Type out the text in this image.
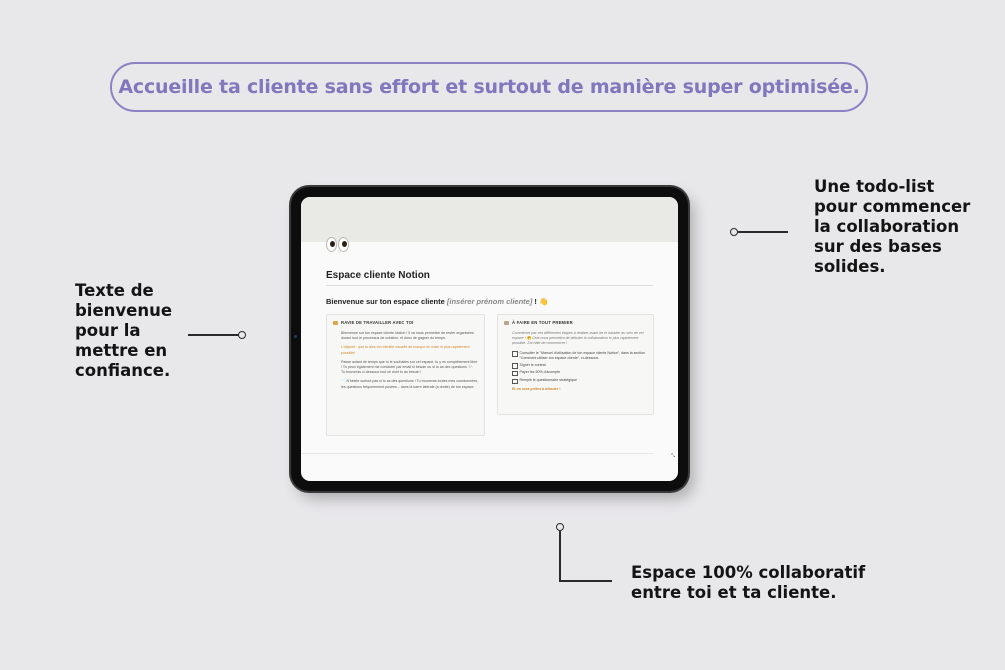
Accueille ta cliente sans effort et surtout de manière super optimisée.
Texte de
bienvenue
pour la
mettre en
confiance.
Une todo-list
pour commencer
la collaboration
sur des bases
solides.
Espace 100% collaboratif
entre toi et ta cliente.
Espace cliente Notion
Bienvenue sur ton espace cliente [insérer prénom cliente] ! 👋
RAVIE DE TRAVAILLER AVEC TOI
Bienvenue sur ton espace cliente Notion ! Il va nous permettre de rester organisées durant tout le processus de création, et donc de gagner du temps.
L'objectif : que tu aies ton identité visuelle de marque en main le plus rapidement possible!
Passe autant de temps que tu le souhaites sur cet espace, tu y es complètement libre ! Tu peux également me contacter par email si besoin ou si tu as des questions 🤍. Tu trouveras ci-dessous tout ce dont tu as besoin !
✉️ N'hésite surtout pas si tu as des questions ! Tu trouveras toutes mes coordonnées, les questions fréquemment posées... dans la barre latérale (à droite) de ton espace.
À FAIRE EN TOUT PREMIER
Commence par ces différentes étapes à réaliser avant de te balader au sein de cet espace ! 🤗 Cela nous permettra de débuter la collaboration le plus rapidement possible. J'ai hâte de commencer !
Consulter le "Manuel d'utilisation de ton espace cliente Notion", dans la section "Comment utiliser ton espace cliente", ci-dessous.
Signer le contrat
Payer les 50% d'acompte
Remplir le questionnaire stratégique
Et on sera prêtes à débuter !
⤡
